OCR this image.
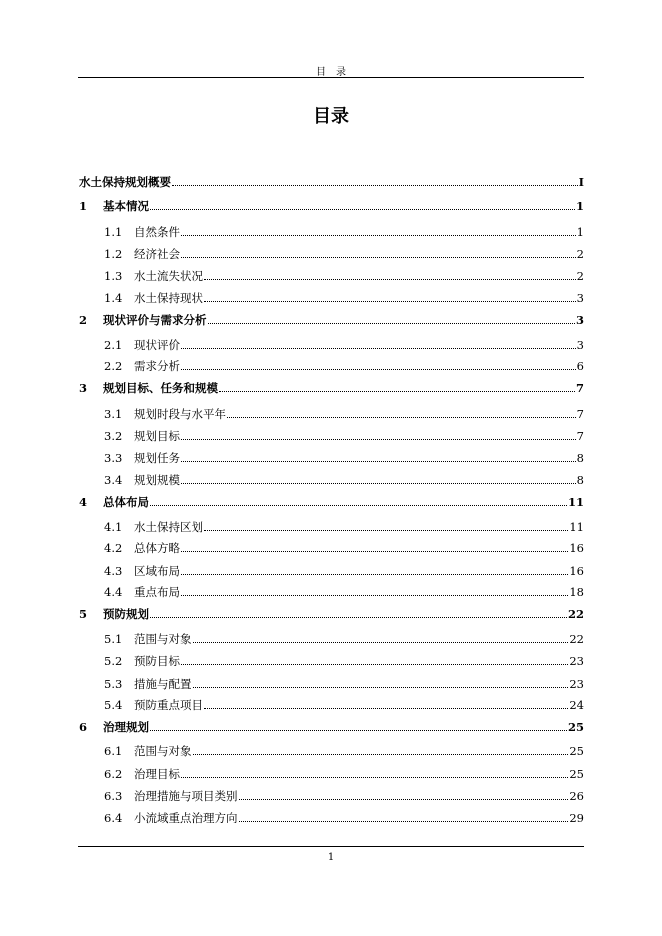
目　录
目录
水土保持规划概要	I
1	基本情况	1
1.1	自然条件	1
1.2	经济社会	2
1.3	水土流失状况	2
1.4	水土保持现状	3
2	现状评价与需求分析	3
2.1	现状评价	3
2.2	需求分析	6
3	规划目标、任务和规模	7
3.1	规划时段与水平年	7
3.2	规划目标	7
3.3	规划任务	8
3.4	规划规模	8
4	总体布局	11
4.1	水土保持区划	11
4.2	总体方略	16
4.3	区域布局	16
4.4	重点布局	18
5	预防规划	22
5.1	范围与对象	22
5.2	预防目标	23
5.3	措施与配置	23
5.4	预防重点项目	24
6	治理规划	25
6.1	范围与对象	25
6.2	治理目标	25
6.3	治理措施与项目类别	26
6.4	小流域重点治理方向	29
1
